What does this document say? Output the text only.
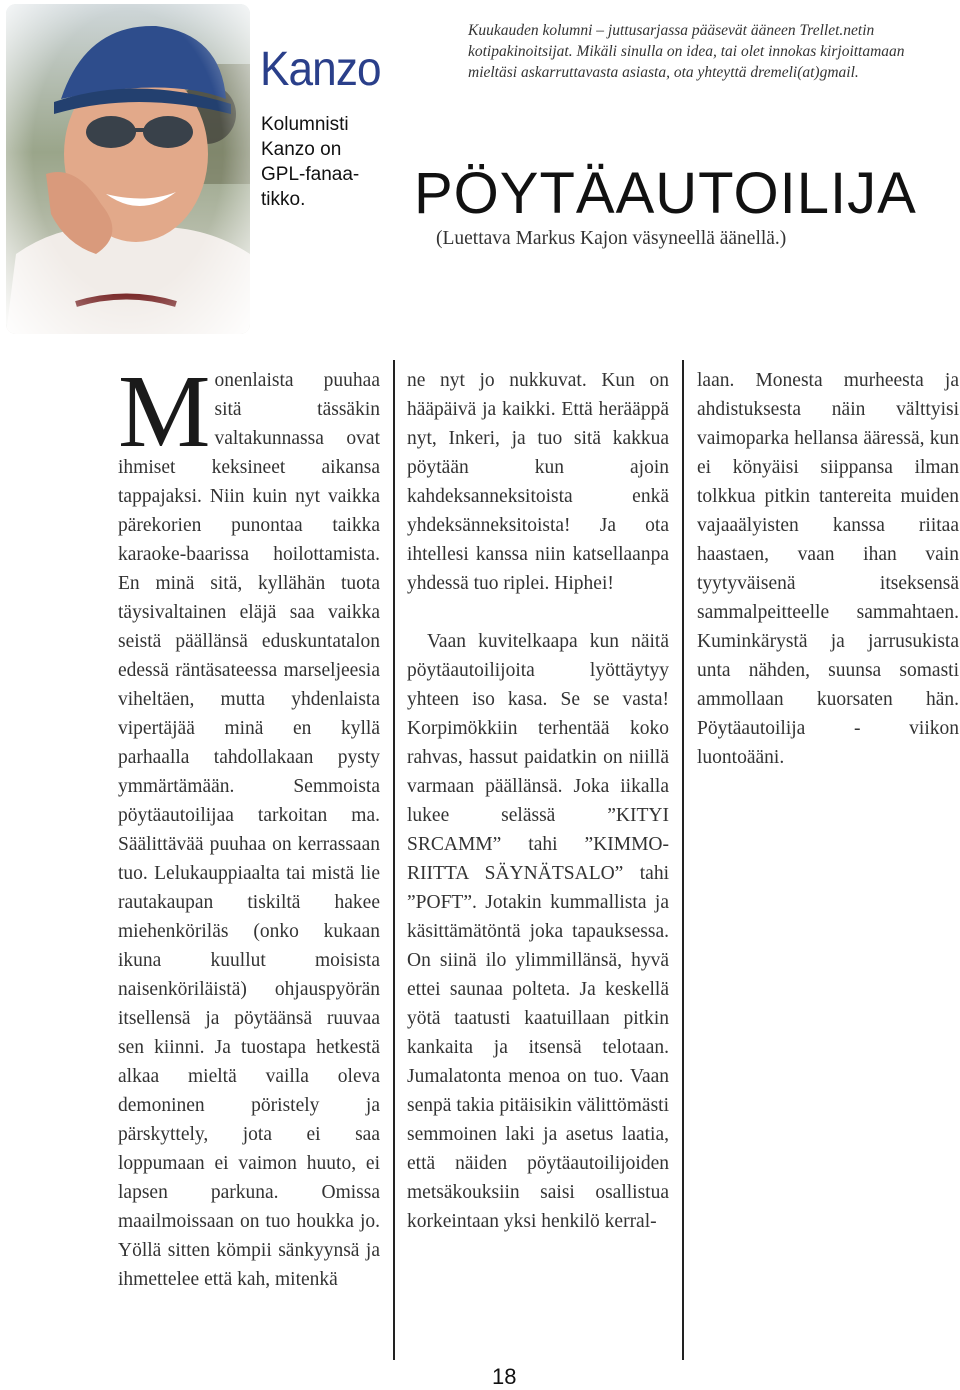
Kanzo
Kolumnisti Kanzo on GPL-fanaa- tikko.
Kuukauden kolumni – juttusarjassa pääsevät ääneen Trellet.netin kotipakinoitsijat. Mikäli sinulla on idea, tai olet innokas kirjoittamaan mieltäsi askarruttavasta asiasta, ota yhteyttä dremeli(at)gmail.
PÖYTÄAUTOILIJA
(Luettava Markus Kajon väsyneellä äänellä.)
M onenlaista puuhaa sitä tässäkin valtakunnassa ovat ihmiset keksineet aikansa tappajaksi. Niin kuin nyt vaikka pärekorien punontaa taikka karaoke-baarissa hoilottamista. En minä sitä, kyllähän tuota täysivaltainen eläjä saa vaikka seistä päällänsä eduskuntatalon edessä räntäsateessa marseljeesia viheltäen, mutta yhdenlaista vipertäjää minä en kyllä parhaalla tahdollakaan pysty ymmärtämään. Semmoista pöytäautoilijaa tarkoitan ma. Säälittävää puuhaa on kerrassaan tuo. Lelukauppiaalta tai mistä lie rautakaupan tiskiltä hakee miehenköriläs (onko kukaan ikuna kuullut moisista naisenköriläistä) ohjauspyörän itsellensä ja pöytäänsä ruuvaa sen kiinni. Ja tuostapa hetkestä alkaa mieltä vailla oleva demoninen pöristely ja pärskyttely, jota ei saa loppumaan ei vaimon huuto, ei lapsen parkuna. Omissa maailmoissaan on tuo houkka jo. Yöllä sitten kömpii sänkyynsä ja ihmettelee että kah, mitenkä

ne nyt jo nukkuvat. Kun on hääpäivä ja kaikki. Että herääppä nyt, Inkeri, ja tuo sitä kakkua pöytään kun ajoin kahdeksanneksitoista enkä yhdeksänneksitoista! Ja ota ihtellesi kanssa niin katsellaanpa yhdessä tuo riplei. Hiphei!

Vaan kuvitelkaapa kun näitä pöytäautoilijoita lyöttäytyy yhteen iso kasa. Se se vasta! Korpimökkiin terhentää koko rahvas, hassut paidatkin on niillä varmaan päällänsä. Joka iikalla lukee selässä ”KITYI SRCAMM” tahi ”KIMMO-RIITTA SÄYNÄTSALO” tahi ”POFT”. Jotakin kummallista ja käsittämätöntä joka tapauksessa. On siinä ilo ylimmillänsä, hyvä ettei saunaa polteta. Ja keskellä yötä taatusti kaatuillaan pitkin kankaita ja itsensä telotaan. Jumalatonta menoa on tuo. Vaan senpä takia pitäisikin välittömästi semmoinen laki ja asetus laatia, että näiden pöytäautoilijoiden metsäkouksiin saisi osallistua korkeintaan yksi henkilö kerral-

laan. Monesta murheesta ja ahdistuksesta näin välttyisi vaimoparka hellansa ääressä, kun ei könyäisi siippansa ilman tolkkua pitkin tantereita muiden vajaaälyisten kanssa riitaa haastaen, vaan ihan vain tyytyväisenä itseksensä sammalpeitteelle sammahtaen. Kuminkärystä ja jarrusukista unta nähden, suunsa somasti ammollaan kuorsaten hän. Pöytäautoilija - viikon luontoääni.

18
